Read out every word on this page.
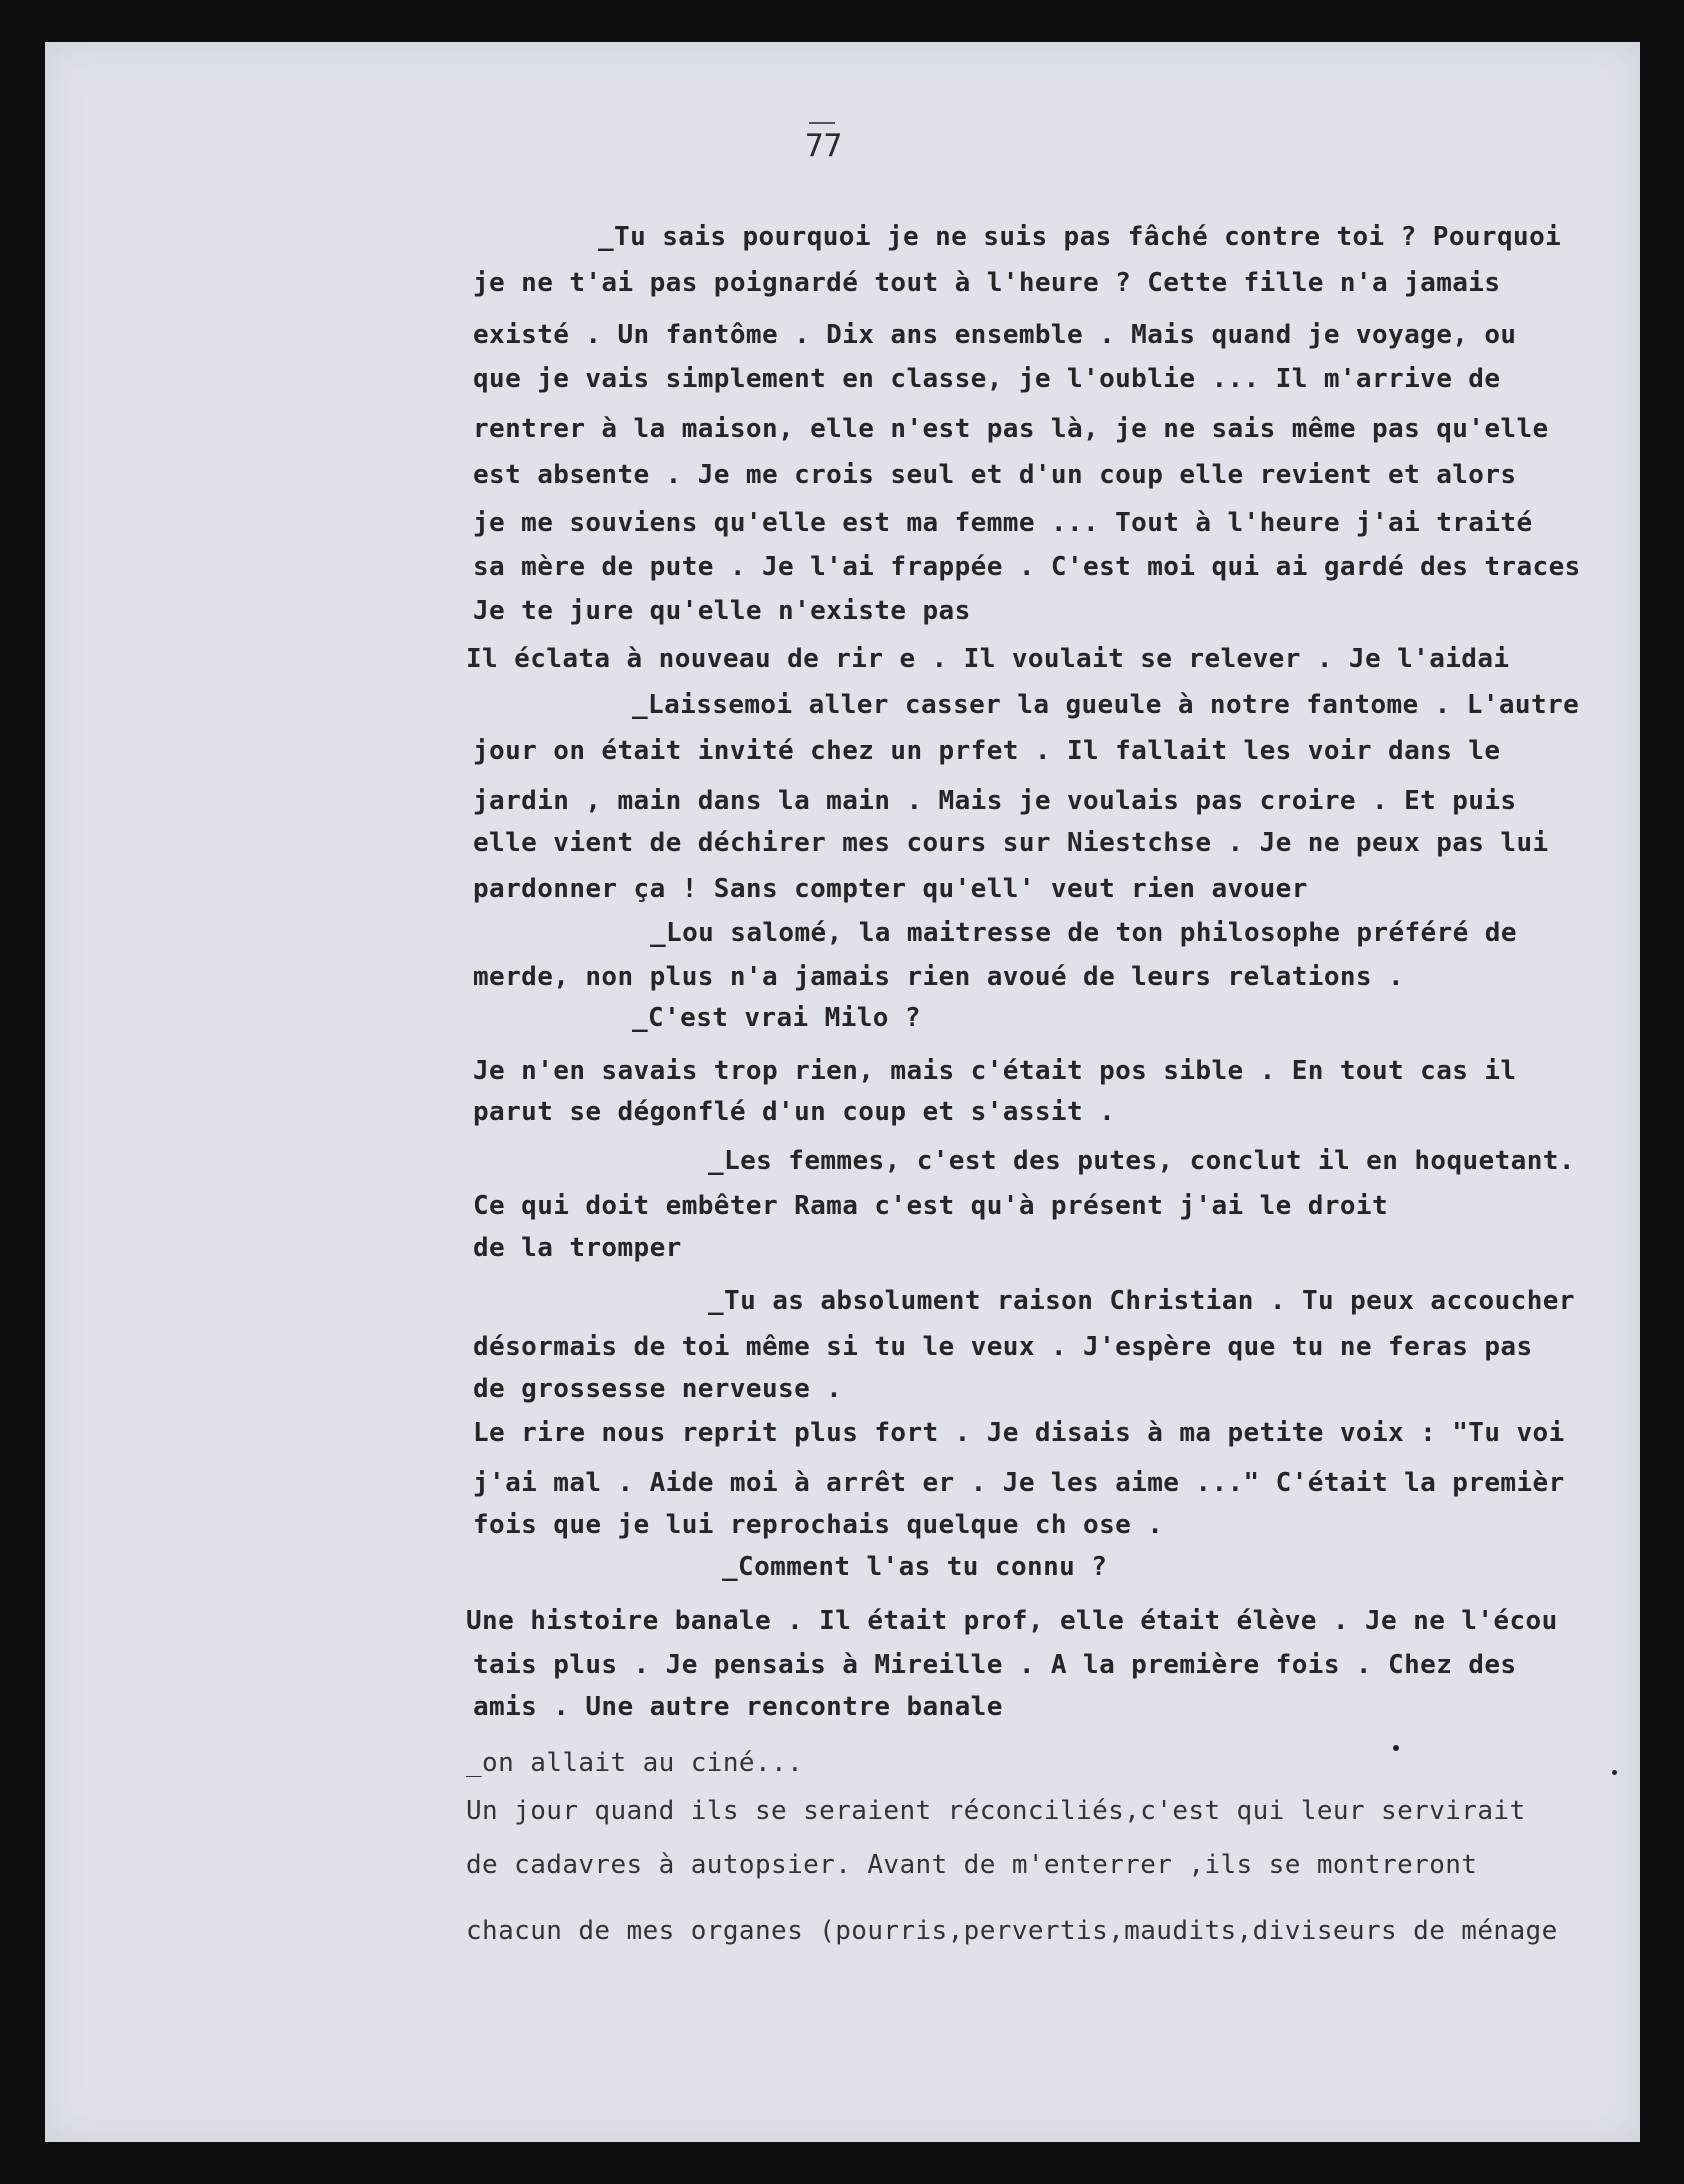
77
_Tu sais pourquoi je ne suis pas fâché contre toi ? Pourquoi
je ne t'ai pas poignardé tout à l'heure ? Cette fille n'a jamais
existé . Un fantôme . Dix ans ensemble . Mais quand je voyage, ou
que je vais simplement en classe, je l'oublie ... Il m'arrive de
rentrer à la maison, elle n'est pas là, je ne sais même pas qu'elle
est absente . Je me crois seul et d'un coup elle revient et alors
je me souviens qu'elle est ma femme ... Tout à l'heure j'ai traité
sa mère de pute . Je l'ai frappée . C'est moi qui ai gardé des traces
Je te jure qu'elle n'existe pas
Il éclata à nouveau de rir e . Il voulait se relever . Je l'aidai
_Laissemoi aller casser la gueule à notre fantome . L'autre
jour on était invité chez un prfet . Il fallait les voir dans le
jardin , main dans la main . Mais je voulais pas croire . Et puis
elle vient de déchirer mes cours sur Niestchse . Je ne peux pas lui
pardonner ça ! Sans compter qu'ell' veut rien avouer
_Lou salomé, la maitresse de ton philosophe préféré de
merde, non plus n'a jamais rien avoué de leurs relations .
_C'est vrai Milo ?
Je n'en savais trop rien, mais c'était pos sible . En tout cas il
parut se dégonflé d'un coup et s'assit .
_Les femmes, c'est des putes, conclut il en hoquetant.
Ce qui doit embêter Rama c'est qu'à présent j'ai le droit
de la tromper
_Tu as absolument raison Christian . Tu peux accoucher
désormais de toi même si tu le veux . J'espère que tu ne feras pas
de grossesse nerveuse .
Le rire nous reprit plus fort . Je disais à ma petite voix : "Tu voi
j'ai mal . Aide moi à arrêt er . Je les aime ..." C'était la premièr
fois que je lui reprochais quelque ch ose .
_Comment l'as tu connu ?
Une histoire banale . Il était prof, elle était élève . Je ne l'écou
tais plus . Je pensais à Mireille . A la première fois . Chez des
amis . Une autre rencontre banale
_on allait au ciné...
Un jour quand ils se seraient réconciliés,c'est qui leur servirait
de cadavres à autopsier. Avant de m'enterrer ,ils se montreront
chacun de mes organes (pourris,pervertis,maudits,diviseurs de ménage
